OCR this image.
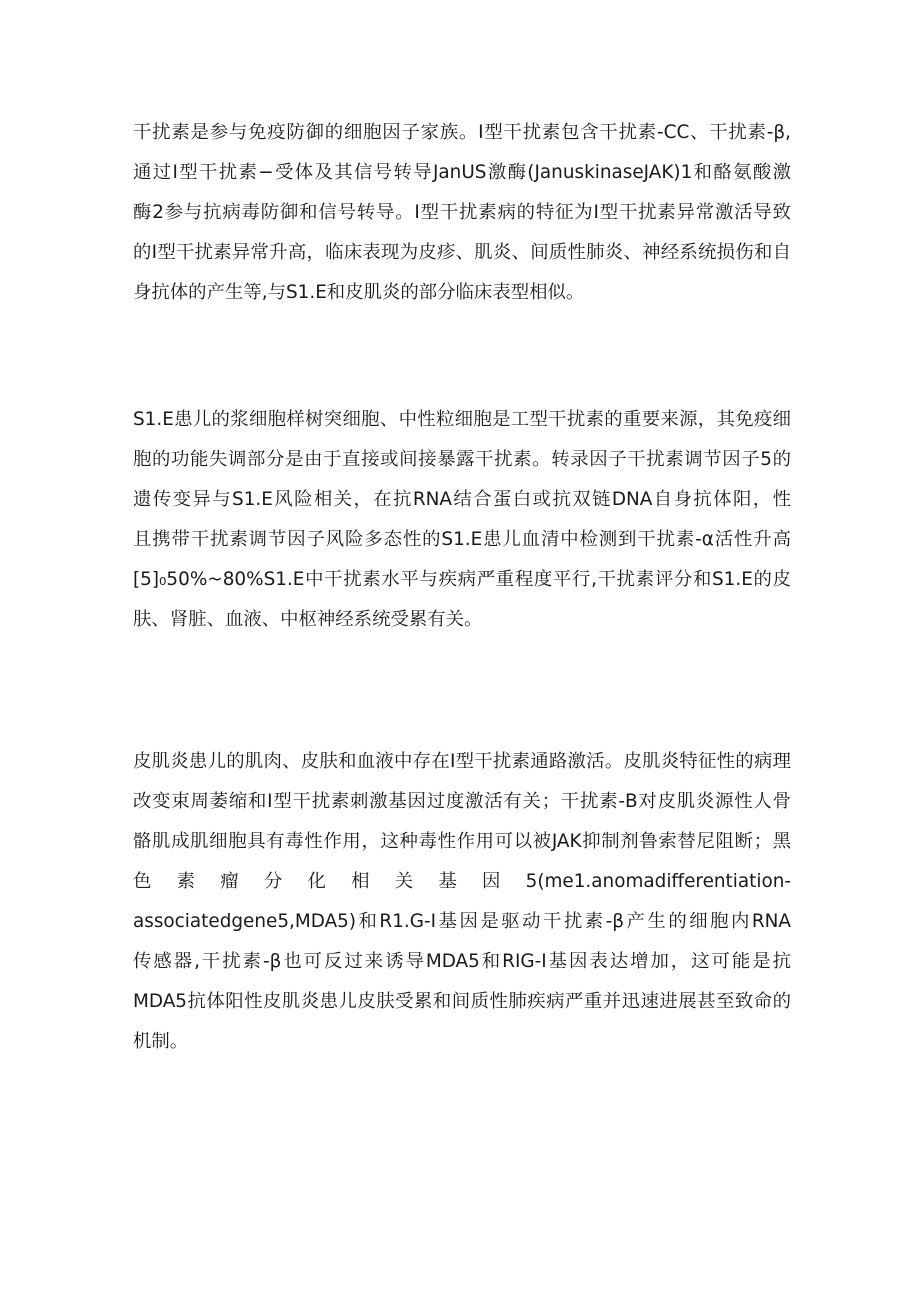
干扰素是参与免疫防御的细胞因子家族。I型干扰素包含干扰素-CC、干扰素-β,
通过I型干扰素−受体及其信号转导JanUS激酶(JanuskinaseJAK)1和酪氨酸激
酶2参与抗病毒防御和信号转导。I型干扰素病的特征为I型干扰素异常激活导致
的I型干扰素异常升高，临床表现为皮疹、肌炎、间质性肺炎、神经系统损伤和自
身抗体的产生等,与S1.E和皮肌炎的部分临床表型相似。
S1.E患儿的浆细胞样树突细胞、中性粒细胞是工型干扰素的重要来源，其免疫细
胞的功能失调部分是由于直接或间接暴露干扰素。转录因子干扰素调节因子5的
遗传变异与S1.E风险相关，在抗RNA结合蛋白或抗双链DNA自身抗体阳，性
且携带干扰素调节因子风险多态性的S1.E患儿血清中检测到干扰素-α活性升高
[5]₀50%~80%S1.E中干扰素水平与疾病严重程度平行,干扰素评分和S1.E的皮
肤、肾脏、血液、中枢神经系统受累有关。
皮肌炎患儿的肌肉、皮肤和血液中存在I型干扰素通路激活。皮肌炎特征性的病理
改变束周萎缩和I型干扰素刺激基因过度激活有关；干扰素-B对皮肌炎源性人骨
骼肌成肌细胞具有毒性作用，这种毒性作用可以被JAK抑制剂鲁索替尼阻断；黑
色 素 瘤 分 化 相 关 基 因 5(me1.anomadifferentiation-
associatedgene5,MDA5)和R1.G-I基因是驱动干扰素-β产生的细胞内RNA
传感器,干扰素-β也可反过来诱导MDA5和RIG-I基因表达增加，这可能是抗
MDA5抗体阳性皮肌炎患儿皮肤受累和间质性肺疾病严重并迅速进展甚至致命的
机制。
